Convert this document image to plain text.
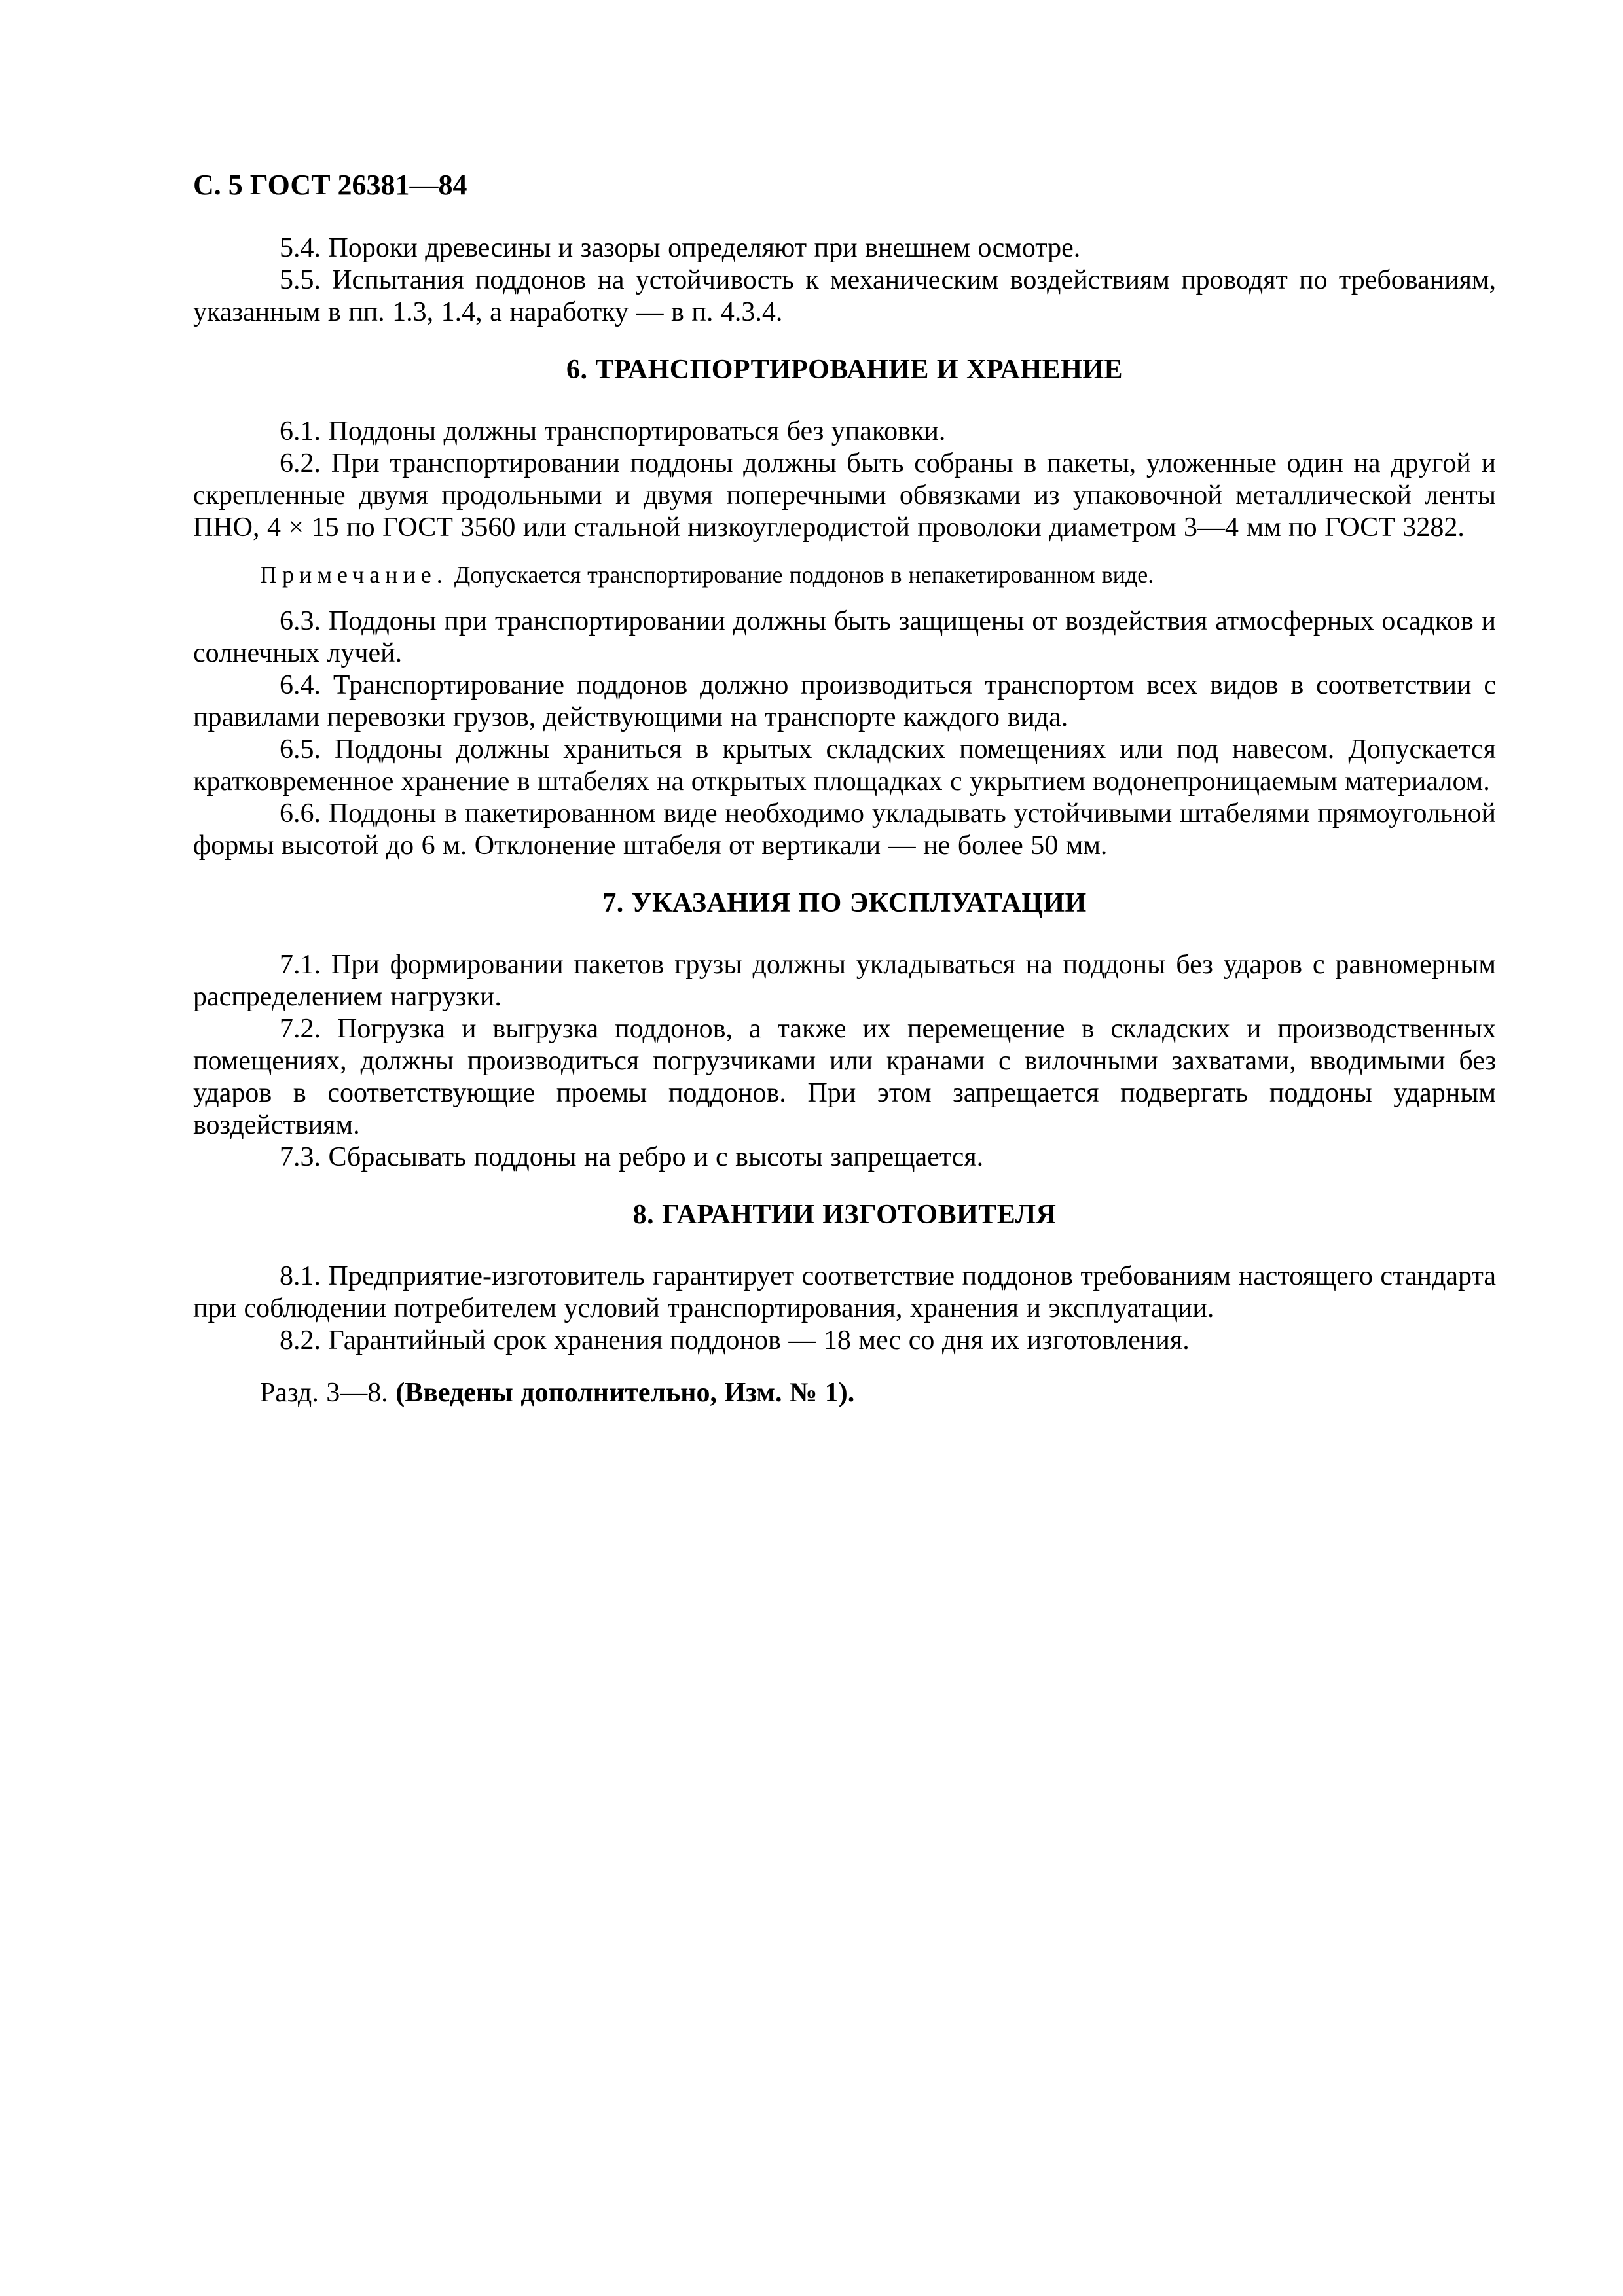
С. 5 ГОСТ 26381—84

5.4. Пороки древесины и зазоры определяют при внешнем осмотре.

5.5. Испытания поддонов на устойчивость к механическим воздействиям проводят по требованиям, указанным в пп. 1.3, 1.4, а наработку — в п. 4.3.4.

6. ТРАНСПОРТИРОВАНИЕ И ХРАНЕНИЕ

6.1. Поддоны должны транспортироваться без упаковки.

6.2. При транспортировании поддоны должны быть собраны в пакеты, уложенные один на другой и скрепленные двумя продольными и двумя поперечными обвязками из упаковочной металлической ленты ПНО, 4 × 15 по ГОСТ 3560 или стальной низкоуглеродистой проволоки диаметром 3—4 мм по ГОСТ 3282.

Примечание. Допускается транспортирование поддонов в непакетированном виде.

6.3. Поддоны при транспортировании должны быть защищены от воздействия атмосферных осадков и солнечных лучей.

6.4. Транспортирование поддонов должно производиться транспортом всех видов в соответствии с правилами перевозки грузов, действующими на транспорте каждого вида.

6.5. Поддоны должны храниться в крытых складских помещениях или под навесом. Допускается кратковременное хранение в штабелях на открытых площадках с укрытием водонепроницаемым материалом.

6.6. Поддоны в пакетированном виде необходимо укладывать устойчивыми штабелями прямоугольной формы высотой до 6 м. Отклонение штабеля от вертикали — не более 50 мм.

7. УКАЗАНИЯ ПО ЭКСПЛУАТАЦИИ

7.1. При формировании пакетов грузы должны укладываться на поддоны без ударов с равномерным распределением нагрузки.

7.2. Погрузка и выгрузка поддонов, а также их перемещение в складских и производственных помещениях, должны производиться погрузчиками или кранами с вилочными захватами, вводимыми без ударов в соответствующие проемы поддонов. При этом запрещается подвергать поддоны ударным воздействиям.

7.3. Сбрасывать поддоны на ребро и с высоты запрещается.

8. ГАРАНТИИ ИЗГОТОВИТЕЛЯ

8.1. Предприятие-изготовитель гарантирует соответствие поддонов требованиям настоящего стандарта при соблюдении потребителем условий транспортирования, хранения и эксплуатации.

8.2. Гарантийный срок хранения поддонов — 18 мес со дня их изготовления.

Разд. 3—8. (Введены дополнительно, Изм. № 1).
